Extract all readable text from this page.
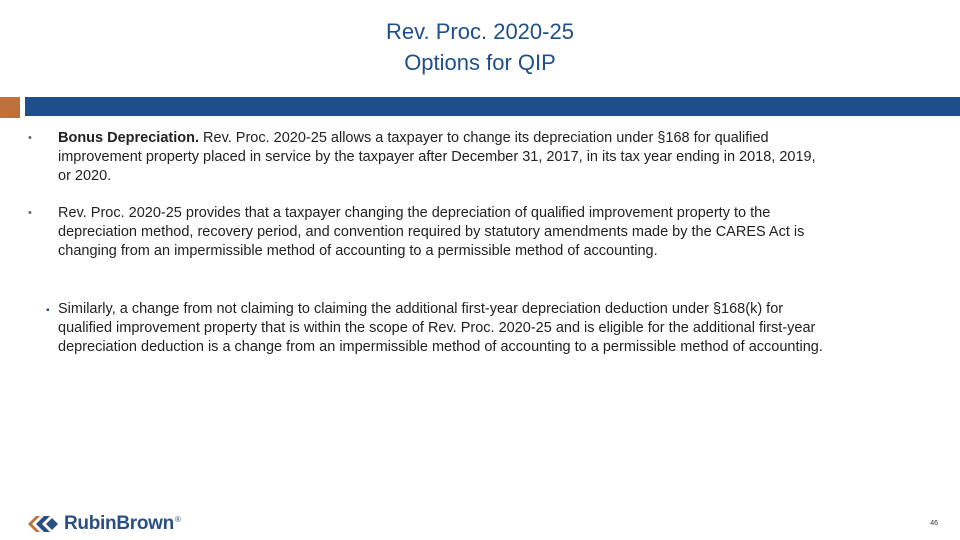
Rev. Proc. 2020-25
Options for QIP
•	Bonus Depreciation. Rev. Proc. 2020-25 allows a taxpayer to change its depreciation under §168 for qualified improvement property placed in service by the taxpayer after December 31, 2017, in its tax year ending in 2018, 2019, or 2020.
•	Rev. Proc. 2020-25 provides that a taxpayer changing the depreciation of qualified improvement property to the depreciation method, recovery period, and convention required by statutory amendments made by the CARES Act is changing from an impermissible method of accounting to a permissible method of accounting.
▪ Similarly, a change from not claiming to claiming the additional first-year depreciation deduction under §168(k) for qualified improvement property that is within the scope of Rev. Proc. 2020-25 and is eligible for the additional first-year depreciation deduction is a change from an impermissible method of accounting to a permissible method of accounting.
RubinBrown®	46
